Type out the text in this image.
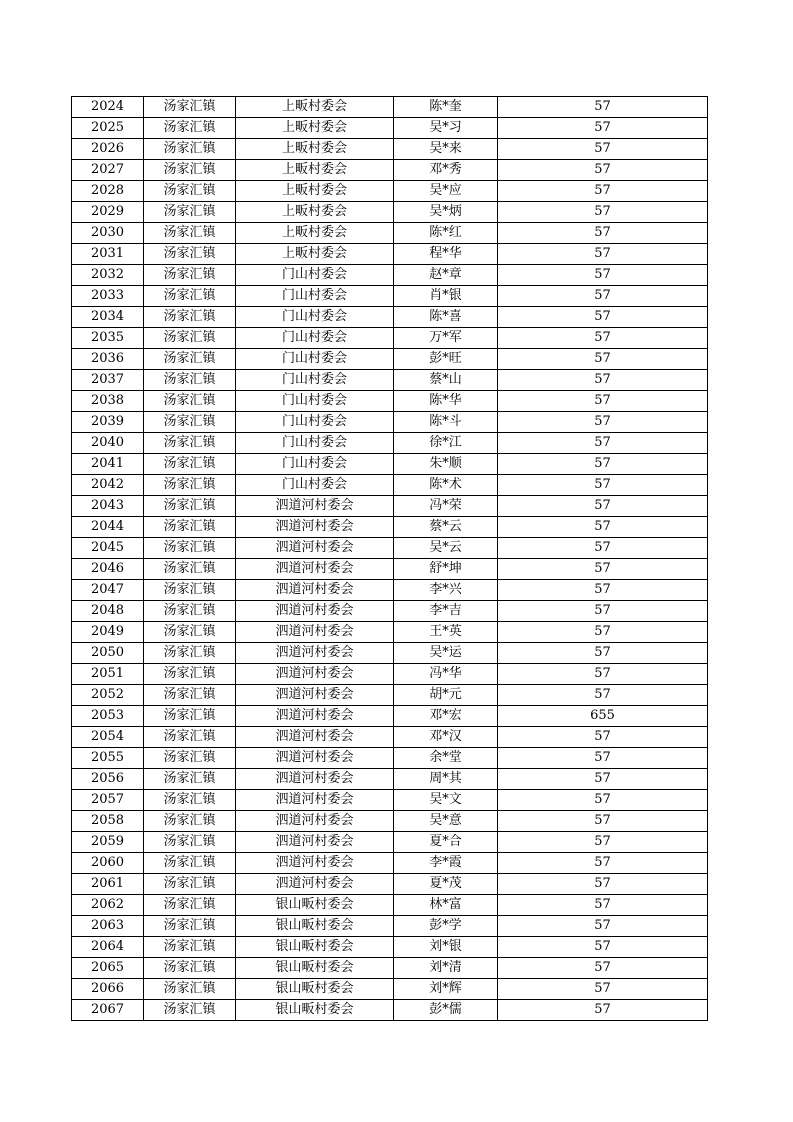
2024	汤家汇镇	上畈村委会	陈*奎	57
2025	汤家汇镇	上畈村委会	吴*习	57
2026	汤家汇镇	上畈村委会	吴*来	57
2027	汤家汇镇	上畈村委会	邓*秀	57
2028	汤家汇镇	上畈村委会	吴*应	57
2029	汤家汇镇	上畈村委会	吴*炳	57
2030	汤家汇镇	上畈村委会	陈*红	57
2031	汤家汇镇	上畈村委会	程*华	57
2032	汤家汇镇	门山村委会	赵*章	57
2033	汤家汇镇	门山村委会	肖*银	57
2034	汤家汇镇	门山村委会	陈*喜	57
2035	汤家汇镇	门山村委会	万*军	57
2036	汤家汇镇	门山村委会	彭*旺	57
2037	汤家汇镇	门山村委会	蔡*山	57
2038	汤家汇镇	门山村委会	陈*华	57
2039	汤家汇镇	门山村委会	陈*斗	57
2040	汤家汇镇	门山村委会	徐*江	57
2041	汤家汇镇	门山村委会	朱*顺	57
2042	汤家汇镇	门山村委会	陈*术	57
2043	汤家汇镇	泗道河村委会	冯*荣	57
2044	汤家汇镇	泗道河村委会	蔡*云	57
2045	汤家汇镇	泗道河村委会	吴*云	57
2046	汤家汇镇	泗道河村委会	舒*坤	57
2047	汤家汇镇	泗道河村委会	李*兴	57
2048	汤家汇镇	泗道河村委会	李*吉	57
2049	汤家汇镇	泗道河村委会	王*英	57
2050	汤家汇镇	泗道河村委会	吴*运	57
2051	汤家汇镇	泗道河村委会	冯*华	57
2052	汤家汇镇	泗道河村委会	胡*元	57
2053	汤家汇镇	泗道河村委会	邓*宏	655
2054	汤家汇镇	泗道河村委会	邓*汉	57
2055	汤家汇镇	泗道河村委会	余*堂	57
2056	汤家汇镇	泗道河村委会	周*其	57
2057	汤家汇镇	泗道河村委会	吴*文	57
2058	汤家汇镇	泗道河村委会	吴*意	57
2059	汤家汇镇	泗道河村委会	夏*合	57
2060	汤家汇镇	泗道河村委会	李*霞	57
2061	汤家汇镇	泗道河村委会	夏*茂	57
2062	汤家汇镇	银山畈村委会	林*富	57
2063	汤家汇镇	银山畈村委会	彭*学	57
2064	汤家汇镇	银山畈村委会	刘*银	57
2065	汤家汇镇	银山畈村委会	刘*清	57
2066	汤家汇镇	银山畈村委会	刘*辉	57
2067	汤家汇镇	银山畈村委会	彭*儒	57
